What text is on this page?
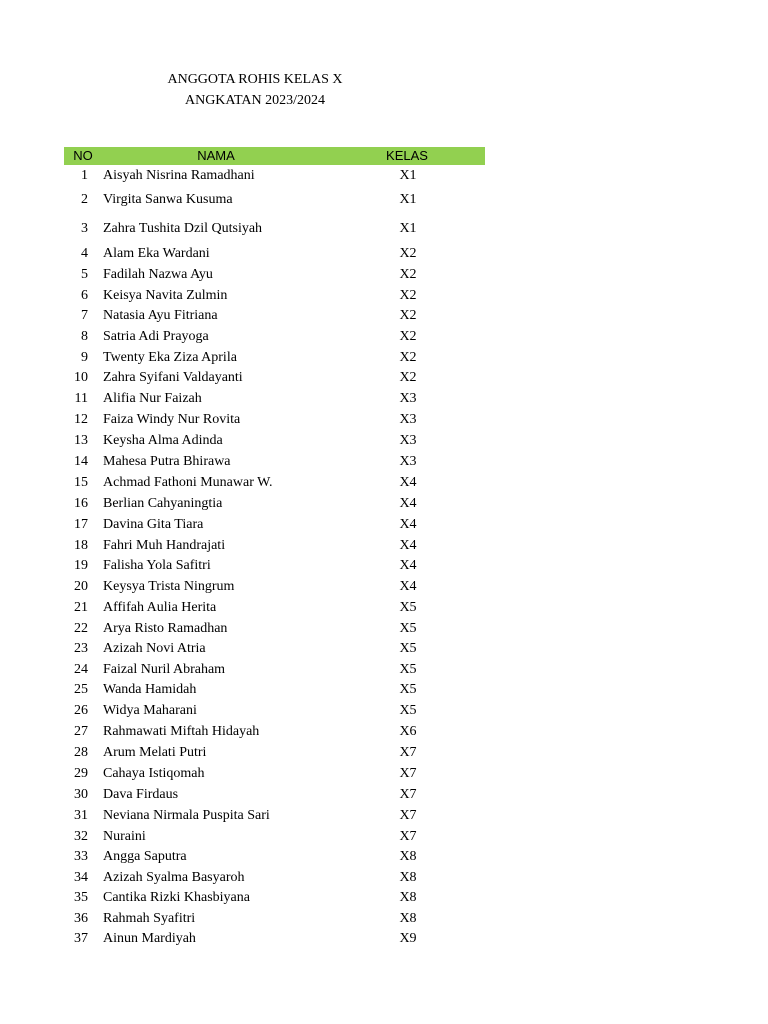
ANGGOTA ROHIS KELAS X
ANGKATAN 2023/2024
NO	NAMA	KELAS
1 Aisyah Nisrina Ramadhani	X1
2 Virgita Sanwa Kusuma	X1
3 Zahra Tushita Dzil Qutsiyah	X1
4 Alam Eka Wardani	X2
5 Fadilah Nazwa Ayu	X2
6 Keisya Navita Zulmin	X2
7 Natasia Ayu Fitriana	X2
8 Satria Adi Prayoga	X2
9 Twenty Eka Ziza Aprila	X2
10 Zahra Syifani Valdayanti	X2
11 Alifia Nur Faizah	X3
12 Faiza Windy Nur Rovita	X3
13 Keysha Alma Adinda	X3
14 Mahesa Putra Bhirawa	X3
15 Achmad Fathoni Munawar W.	X4
16 Berlian Cahyaningtia	X4
17 Davina Gita Tiara	X4
18 Fahri Muh Handrajati	X4
19 Falisha Yola Safitri	X4
20 Keysya Trista Ningrum	X4
21 Affifah Aulia Herita	X5
22 Arya Risto Ramadhan	X5
23 Azizah Novi Atria	X5
24 Faizal Nuril Abraham	X5
25 Wanda Hamidah	X5
26 Widya Maharani	X5
27 Rahmawati Miftah Hidayah	X6
28 Arum Melati Putri	X7
29 Cahaya Istiqomah	X7
30 Dava Firdaus	X7
31 Neviana Nirmala Puspita Sari	X7
32 Nuraini	X7
33 Angga Saputra	X8
34 Azizah Syalma Basyaroh	X8
35 Cantika Rizki Khasbiyana	X8
36 Rahmah Syafitri	X8
37 Ainun Mardiyah	X9
